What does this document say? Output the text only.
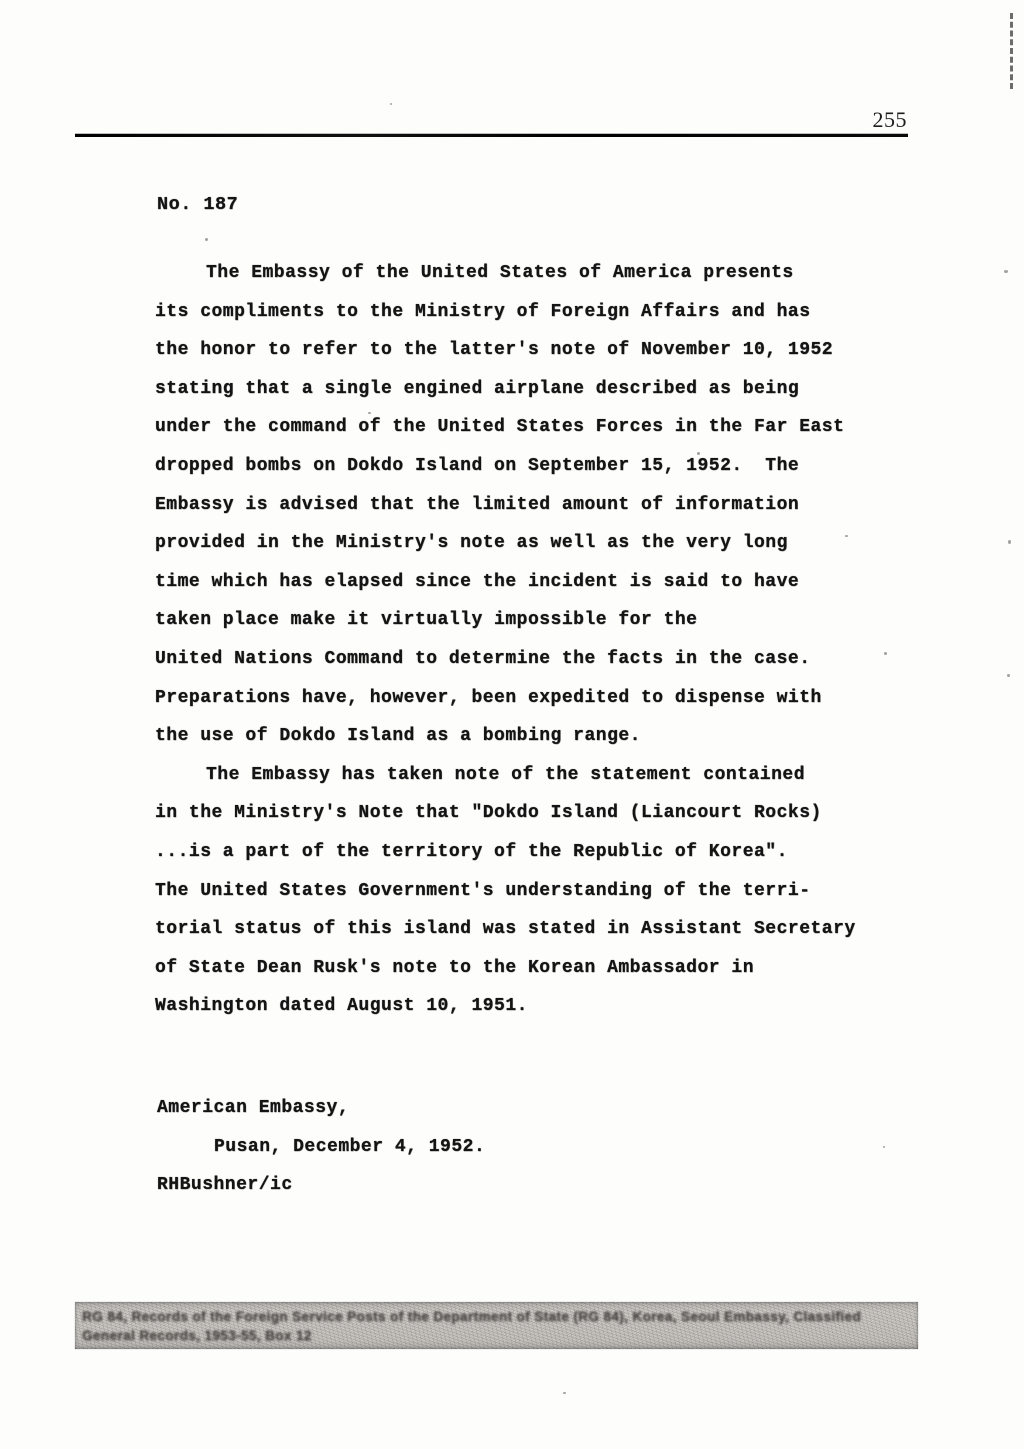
255
No. 187
The Embassy of the United States of America presents
its compliments to the Ministry of Foreign Affairs and has
the honor to refer to the latter's note of November 10, 1952
stating that a single engined airplane described as being
under the command of the United States Forces in the Far East
dropped bombs on Dokdo Island on September 15, 1952.  The
Embassy is advised that the limited amount of information
provided in the Ministry's note as well as the very long
time which has elapsed since the incident is said to have
taken place make it virtually impossible for the
United Nations Command to determine the facts in the case.
Preparations have, however, been expedited to dispense with
the use of Dokdo Island as a bombing range.
The Embassy has taken note of the statement contained
in the Ministry's Note that "Dokdo Island (Liancourt Rocks)
...is a part of the territory of the Republic of Korea".
The United States Government's understanding of the terri-
torial status of this island was stated in Assistant Secretary
of State Dean Rusk's note to the Korean Ambassador in
Washington dated August 10, 1951.
American Embassy,
Pusan, December 4, 1952.
RHBushner/ic
RG 84, Records of the Foreign Service Posts of the Department of State (RG 84), Korea, Seoul Embassy, Classified
General Records, 1953-55, Box 12
